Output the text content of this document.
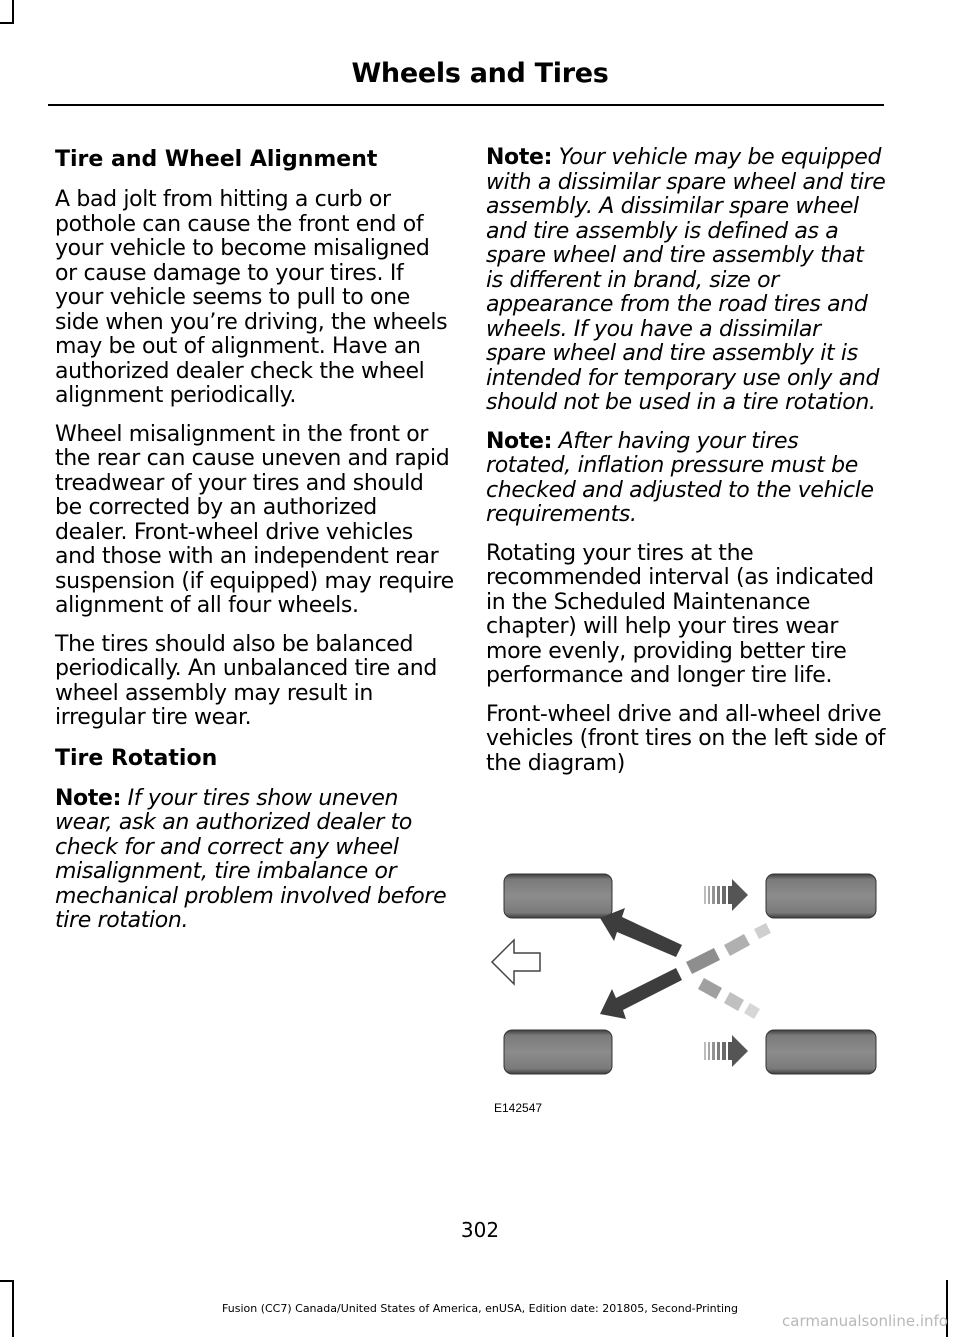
Wheels and Tires
Tire and Wheel Alignment

A bad jolt from hitting a curb or pothole can cause the front end of your vehicle to become misaligned or cause damage to your tires. If your vehicle seems to pull to one side when you’re driving, the wheels may be out of alignment. Have an authorized dealer check the wheel alignment periodically.

Wheel misalignment in the front or the rear can cause uneven and rapid treadwear of your tires and should be corrected by an authorized dealer. Front-wheel drive vehicles and those with an independent rear suspension (if equipped) may require alignment of all four wheels.

The tires should also be balanced periodically. An unbalanced tire and wheel assembly may result in irregular tire wear.

Tire Rotation

Note: If your tires show uneven wear, ask an authorized dealer to check for and correct any wheel misalignment, tire imbalance or mechanical problem involved before tire rotation.

Note: Your vehicle may be equipped with a dissimilar spare wheel and tire assembly. A dissimilar spare wheel and tire assembly is defined as a spare wheel and tire assembly that is different in brand, size or appearance from the road tires and wheels. If you have a dissimilar spare wheel and tire assembly it is intended for temporary use only and should not be used in a tire rotation.

Note: After having your tires rotated, inflation pressure must be checked and adjusted to the vehicle requirements.

Rotating your tires at the recommended interval (as indicated in the Scheduled Maintenance chapter) will help your tires wear more evenly, providing better tire performance and longer tire life.

Front-wheel drive and all-wheel drive vehicles (front tires on the left side of the diagram)

E142547
302
Fusion (CC7) Canada/United States of America, enUSA, Edition date: 201805, Second-Printing
carmanualsonline.info
